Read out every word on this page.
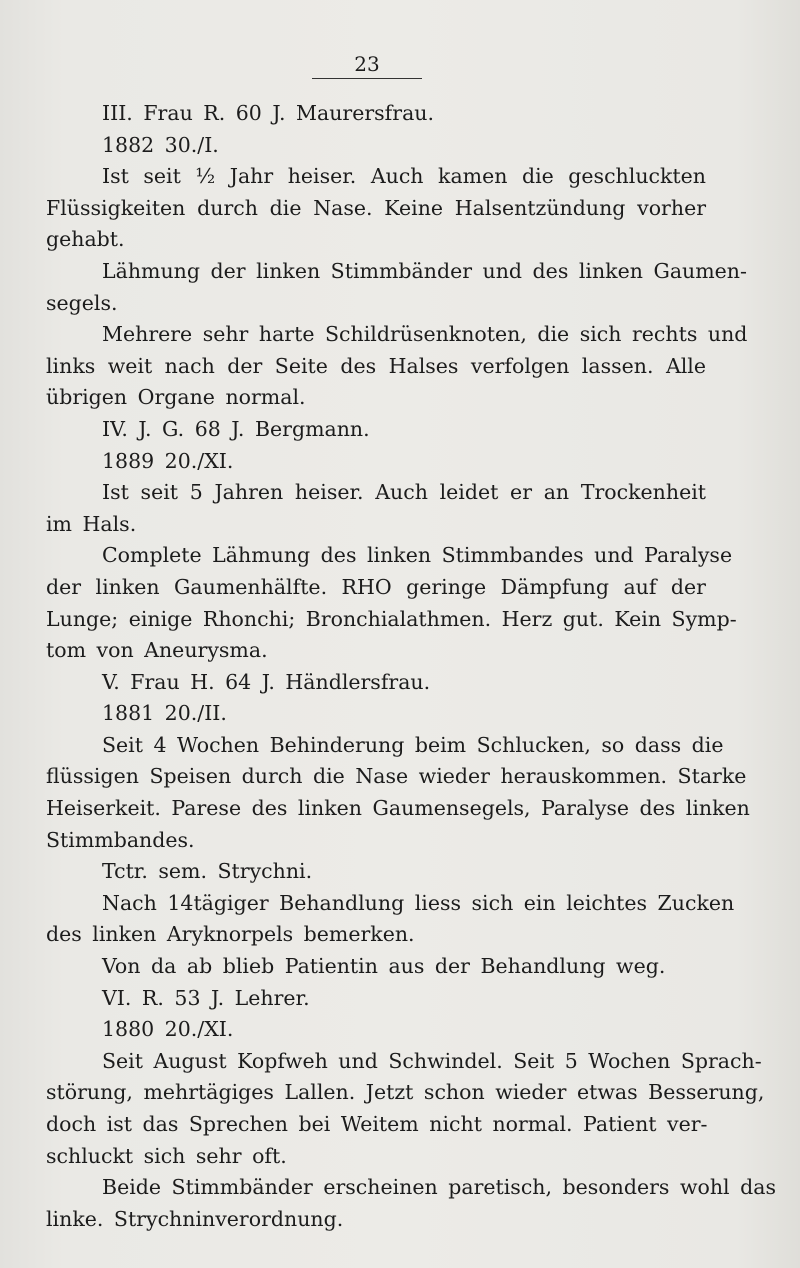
23
III. Frau R. 60 J. Maurersfrau.
1882 30./I.
Ist seit ½ Jahr heiser. Auch kamen die geschluckten
Flüssigkeiten durch die Nase. Keine Halsentzündung vorher
gehabt.
Lähmung der linken Stimmbänder und des linken Gaumen-
segels.
Mehrere sehr harte Schildrüsenknoten, die sich rechts und
links weit nach der Seite des Halses verfolgen lassen. Alle
übrigen Organe normal.
IV. J. G. 68 J. Bergmann.
1889 20./XI.
Ist seit 5 Jahren heiser. Auch leidet er an Trockenheit
im Hals.
Complete Lähmung des linken Stimmbandes und Paralyse
der linken Gaumenhälfte. RHO geringe Dämpfung auf der
Lunge; einige Rhonchi; Bronchialathmen. Herz gut. Kein Symp-
tom von Aneurysma.
V. Frau H. 64 J. Händlersfrau.
1881 20./II.
Seit 4 Wochen Behinderung beim Schlucken, so dass die
flüssigen Speisen durch die Nase wieder herauskommen. Starke
Heiserkeit. Parese des linken Gaumensegels, Paralyse des linken
Stimmbandes.
Tctr. sem. Strychni.
Nach 14tägiger Behandlung liess sich ein leichtes Zucken
des linken Aryknorpels bemerken.
Von da ab blieb Patientin aus der Behandlung weg.
VI. R. 53 J. Lehrer.
1880 20./XI.
Seit August Kopfweh und Schwindel. Seit 5 Wochen Sprach-
störung, mehrtägiges Lallen. Jetzt schon wieder etwas Besserung,
doch ist das Sprechen bei Weitem nicht normal. Patient ver-
schluckt sich sehr oft.
Beide Stimmbänder erscheinen paretisch, besonders wohl das
linke. Strychninverordnung.
